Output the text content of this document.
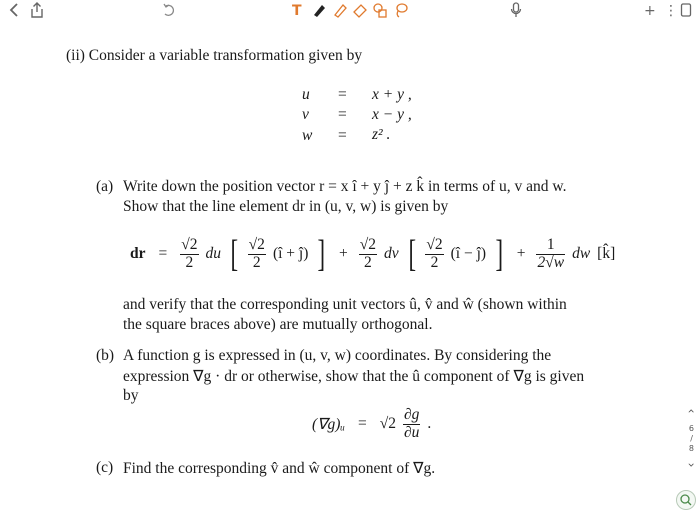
T	+ ⋮
(ii) Consider a variable transformation given by
u = x + y ,
v = x − y ,
w = z² .
(a) Write down the position vector r = x î + y ĵ + z k̂ in terms of u, v and w.
Show that the line element dr in (u, v, w) is given by
dr = $\frac{√2}{2}$ du [ $\frac{√2}{2}$ (î + ĵ) ] + $\frac{√2}{2}$ dv [ $\frac{√2}{2}$ (î − ĵ) ] + $\frac{1}{2√w}$ dw [k̂]
and verify that the corresponding unit vectors û, v̂ and ŵ (shown within
the square braces above) are mutually orthogonal.
(b) A function g is expressed in (u, v, w) coordinates. By considering the
expression ∇g · dr or otherwise, show that the û component of ∇g is given
by
(∇g)ᵤ = $√2 \frac{\partial g}{\partial u}$ .
(c) Find the corresponding v̂ and ŵ component of ∇g.
‹
6
/
8
›
